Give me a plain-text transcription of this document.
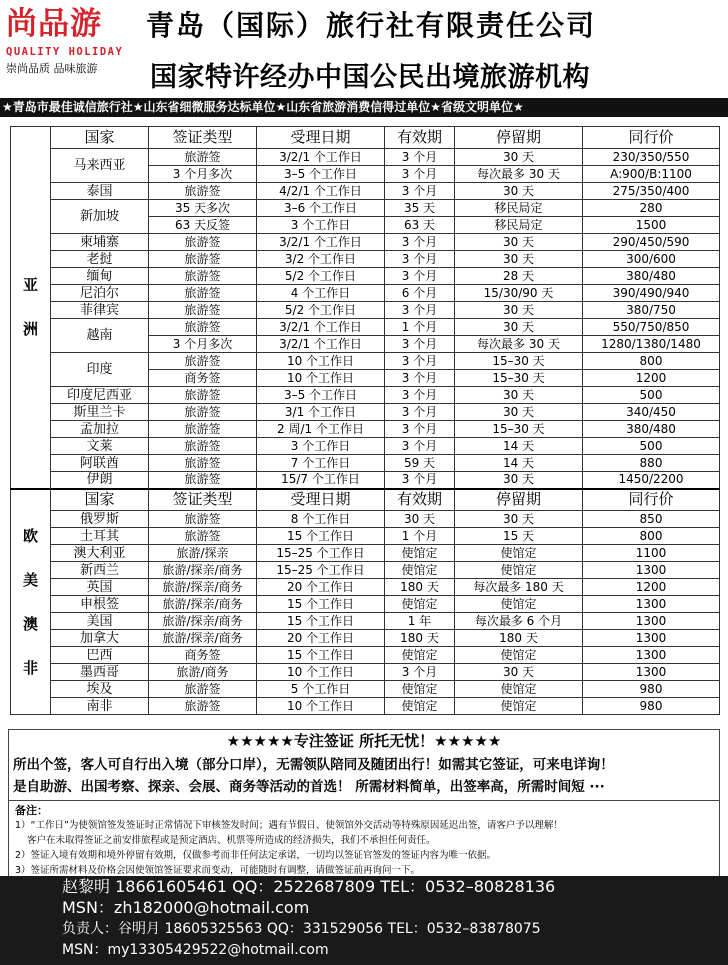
尚品游
QUALITY HOLIDAY
崇尚品质 品味旅游
青岛（国际）旅行社有限责任公司
国家特许经办中国公民出境旅游机构
★青岛市最佳诚信旅行社★山东省细微服务达标单位★山东省旅游消费信得过单位★省级文明单位★
亚
洲	国家	签证类型	受理日期	有效期	停留期	同行价
	马来西亚	旅游签	3/2/1 个工作日	3 个月	30 天	230/350/550
		3 个月多次	3–5 个工作日	3 个月	每次最多 30 天	A:900/B:1100
	泰国	旅游签	4/2/1 个工作日	3 个月	30 天	275/350/400
	新加坡	35 天多次	3–6 个工作日	35 天	移民局定	280
		63 天反签	3 个工作日	63 天	移民局定	1500
	柬埔寨	旅游签	3/2/1 个工作日	3 个月	30 天	290/450/590
	老挝	旅游签	3/2 个工作日	3 个月	30 天	300/600
	缅甸	旅游签	5/2 个工作日	3 个月	28 天	380/480
	尼泊尔	旅游签	4 个工作日	6 个月	15/30/90 天	390/490/940
	菲律宾	旅游签	5/2 个工作日	3 个月	30 天	380/750
	越南	旅游签	3/2/1 个工作日	1 个月	30 天	550/750/850
		3 个月多次	3/2/1 个工作日	3 个月	每次最多 30 天	1280/1380/1480
	印度	旅游签	10 个工作日	3 个月	15–30 天	800
		商务签	10 个工作日	3 个月	15–30 天	1200
	印度尼西亚	旅游签	3–5 个工作日	3 个月	30 天	500
	斯里兰卡	旅游签	3/1 个工作日	3 个月	30 天	340/450
	孟加拉	旅游签	2 周/1 个工作日	3 个月	15–30 天	380/480
	文莱	旅游签	3 个工作日	3 个月	14 天	500
	阿联酋	旅游签	7 个工作日	59 天	14 天	880
	伊朗	旅游签	15/7 个工作日	3 个月	30 天	1450/2200

欧
美
澳
非	国家	签证类型	受理日期	有效期	停留期	同行价
	俄罗斯	旅游签	8 个工作日	30 天	30 天	850
	土耳其	旅游签	15 个工作日	1 个月	15 天	800
	澳大利亚	旅游/探亲	15–25 个工作日	使馆定	使馆定	1100
	新西兰	旅游/探亲/商务	15–25 个工作日	使馆定	使馆定	1300
	英国	旅游/探亲/商务	20 个工作日	180 天	每次最多 180 天	1200
	申根签	旅游/探亲/商务	15 个工作日	使馆定	使馆定	1300
	美国	旅游/探亲/商务	15 个工作日	1 年	每次最多 6 个月	1300
	加拿大	旅游/探亲/商务	20 个工作日	180 天	180 天	1300
	巴西	商务签	15 个工作日	使馆定	使馆定	1300
	墨西哥	旅游/商务	10 个工作日	3 个月	30 天	1300
	埃及	旅游签	5 个工作日	使馆定	使馆定	980
	南非	旅游签	10 个工作日	使馆定	使馆定	980
★★★★★专注签证 所托无忧！★★★★★
所出个签，客人可自行出入境（部分口岸），无需领队陪同及随团出行！如需其它签证，可来电详询！
是自助游、出国考察、探亲、会展、商务等活动的首选！ 所需材料简单，出签率高，所需时间短 ···
备注：
1）“工作日”为使领馆签发签证时正常情况下审核签发时间；遇有节假日、使领馆外交活动等特殊原因延迟出签，请客户予以理解！
客户在未取得签证之前安排旅程或是预定酒店、机票等所造成的经济损失，我们不承担任何责任。
2）签证入境有效期和境外停留有效期，仅做参考而非任何法定承诺，一切均以签证官签发的签证内容为唯一依据。
3）签证所需材料及价格会因使领馆签证要求而变动，可能随时有调整，请做签证前再询问一下。
赵黎明 18661605461 QQ：2522687809 TEL：0532–80828136
MSN：zh182000@hotmail.com
负责人：谷明月 18605325563 QQ：331529056 TEL：0532–83878075
MSN：my13305429522@hotmail.com
